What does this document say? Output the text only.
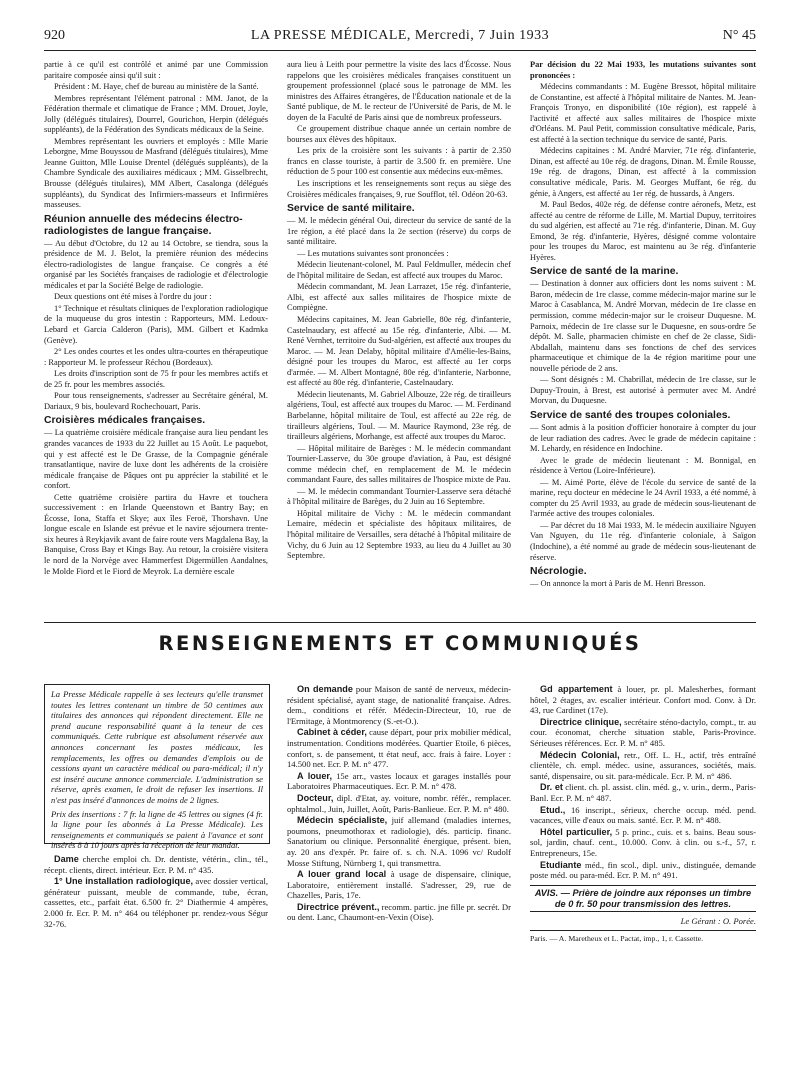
920	LA PRESSE MÉDICALE, Mercredi, 7 Juin 1933	N° 45

partie à ce qu'il est contrôlé et animé par une Commission paritaire composée ainsi qu'il suit :

Président : M. Haye, chef de bureau au ministère de la Santé.

Membres représentant l'élément patronal : MM. Janot, de la Fédération thermale et climatique de France ; MM. Drouet, Joyle, Jolly (délégués titulaires), Dourrel, Gourichon, Herpin (délégués suppléants), de la Fédération des Syndicats médicaux de la Seine.

Membres représentant les ouvriers et employés : Mlle Marie Leborgne, Mme Bouyssou de Masfrand (délégués titulaires), Mme Jeanne Guitton, Mlle Louise Drentel (délégués suppléants), de la Chambre Syndicale des auxiliaires médicaux ; MM. Gisselbrecht, Brousse (délégués titulaires), MM Albert, Casalonga (délégués suppléants), du Syndicat des Infirmiers-masseurs et Infirmières masseuses.

Réunion annuelle des médecins électro-radiologistes de langue française.

— Au début d'Octobre, du 12 au 14 Octobre, se tiendra, sous la présidence de M. J. Belot, la première réunion des médecins électro-radiologistes de langue française. Ce congrès a été organisé par les Sociétés françaises de radiologie et d'électrologie médicales et par la Société Belge de radiologie.

Deux questions ont été mises à l'ordre du jour :

1° Technique et résultats cliniques de l'exploration radiologique de la muqueuse du gros intestin : Rapporteurs, MM. Ledoux-Lebard et Garcia Calderon (Paris), MM. Gilbert et Kadrnka (Genève).

2° Les ondes courtes et les ondes ultra-courtes en thérapeutique : Rapporteur M. le professeur Réchou (Bordeaux).

Les droits d'inscription sont de 75 fr pour les membres actifs et de 25 fr. pour les membres associés.

Pour tous renseignements, s'adresser au Secrétaire général, M. Dariaux, 9 bis, boulevard Rochechouart, Paris.

Croisières médicales françaises.

— La quatrième croisière médicale française aura lieu pendant les grandes vacances de 1933 du 22 Juillet au 15 Août. Le paquebot, qui y est affecté est le De Grasse, de la Compagnie générale transatlantique, navire de luxe dont les adhérents de la croisière médicale française de Pâques ont pu apprécier la stabilité et le confort.

Cette quatrième croisière partira du Havre et touchera successivement : en Irlande Queenstown et Bantry Bay; en Écosse, Iona, Staffa et Skye; aux îles Feroë, Thorshavn. Une longue escale en Islande est prévue et le navire séjournera trente-six heures à Reykjavik avant de faire route vers Magdalena Bay, la Banquise, Cross Bay et Kings Bay. Au retour, la croisière visitera le nord de la Norvège avec Hammerfest Digermüllen Aandalnes, le Molde Fiord et le Fiord de Meyrok. La dernière escale

aura lieu à Leith pour permettre la visite des lacs d'Écosse. Nous rappelons que les croisières médicales françaises constituent un groupement professionnel (placé sous le patronage de MM. les ministres des Affaires étrangères, de l'Éducation nationale et de la Santé publique, de M. le recteur de l'Université de Paris, de M. le doyen de la Faculté de Paris ainsi que de nombreux professeurs.

Ce groupement distribue chaque année un certain nombre de bourses aux élèves des hôpitaux.

Les prix de la croisière sont les suivants : à partir de 2.350 francs en classe touriste, à partir de 3.500 fr. en première. Une réduction de 5 pour 100 est consentie aux médecins eux-mêmes.

Les inscriptions et les renseignements sont reçus au siège des Croisières médicales françaises, 9, rue Soufflot, tél. Odéon 20-63.

Service de santé militaire.

— M. le médecin général Oui, directeur du service de santé de la 1re région, a été placé dans la 2e section (réserve) du corps de santé militaire.

— Les mutations suivantes sont prononcées :

Médecin lieutenant-colonel, M. Paul Feldmuller, médecin chef de l'hôpital militaire de Sedan, est affecté aux troupes du Maroc.

Médecin commandant, M. Jean Larrazet, 15e rég. d'infanterie, Albi, est affecté aux salles militaires de l'hospice mixte de Compiègne.

Médecins capitaines, M. Jean Gabrielle, 80e rég. d'infanterie, Castelnaudary, est affecté au 15e rég. d'infanterie, Albi. — M. René Vernhet, territoire du Sud-algérien, est affecté aux troupes du Maroc. — M. Jean Delaby, hôpital militaire d'Amélie-les-Bains, désigné pour les troupes du Maroc, est affecté au 1er corps d'armée. — M. Albert Montagné, 80e rég. d'infanterie, Narbonne, est affecté au 80e rég. d'infanterie, Castelnaudary.

Médecin lieutenants, M. Gabriel Albouze, 22e rég. de tirailleurs algériens, Toul, est affecté aux troupes du Maroc. — M. Ferdinand Barbelanne, hôpital militaire de Toul, est affecté au 22e rég. de tirailleurs algériens, Toul. — M. Maurice Raymond, 23e rég. de tirailleurs algériens, Morhange, est affecté aux troupes du Maroc.

— Hôpital militaire de Barèges : M. le médecin commandant Tournier-Lasserve, du 30e groupe d'aviation, à Pau, est désigné comme médecin chef, en remplacement de M. le médecin commandant Faure, des salles militaires de l'hospice mixte de Pau.

— M. le médecin commandant Tournier-Lasserve sera détaché à l'hôpital militaire de Barèges, du 2 Juin au 16 Septembre.

Hôpital militaire de Vichy : M. le médecin commandant Lemaire, médecin et spécialiste des hôpitaux militaires, de l'hôpital militaire de Versailles, sera détaché à l'hôpital militaire de Vichy, du 6 Juin au 12 Septembre 1933, au lieu du 4 Juillet au 30 Septembre.

Par décision du 22 Mai 1933, les mutations suivantes sont prononcées :

Médecins commandants : M. Eugène Bressot, hôpital militaire de Constantine, est affecté à l'hôpital militaire de Nantes. M. Jean-François Tronyo, en disponibilité (10e région), est rappelé à l'activité et affecté aux salles militaires de l'hospice mixte d'Orléans. M. Paul Petit, commission consultative médicale, Paris, est affecté à la section technique du service de santé, Paris.

Médecins capitaines : M. André Marvier, 71e rég. d'infanterie, Dinan, est affecté au 10e rég. de dragons, Dinan. M. Émile Rousse, 19e rég. de dragons, Dinan, est affecté à la commission consultative médicale, Paris. M. Georges Muffant, 6e rég. du génie, à Angers, est affecté au 1er rég. de hussards, à Angers.

M. Paul Bedos, 402e rég. de défense contre aéronefs, Metz, est affecté au centre de réforme de Lille, M. Martial Dupuy, territoires du sud algérien, est affecté au 71e rég. d'infanterie, Dinan. M. Guy Emond, 3e rég. d'infanterie, Hyères, désigné comme volontaire pour les troupes du Maroc, est maintenu au 3e rég. d'infanterie Hyères.

Service de santé de la marine.

— Destination à donner aux officiers dont les noms suivent : M. Baron, médecin de 1re classe, comme médecin-major marine sur le Maroc à Casablanca, M. André Morvan, médecin de 1re classe en permission, comme médecin-major sur le croiseur Duquesne. M. Parnoix, médecin de 1re classe sur le Duquesne, en sous-ordre 5e dépôt. M. Salle, pharmacien chimiste en chef de 2e classe, Sidi-Abdallah, maintenu dans ses fonctions de chef des services pharmaceutique et chimique de la 4e région maritime pour une nouvelle période de 2 ans.

— Sont désignés : M. Chabrillat, médecin de 1re classe, sur le Dupuy-Trouin, à Brest, est autorisé à permuter avec M. André Morvan, du Duquesne.

Service de santé des troupes coloniales.

— Sont admis à la position d'officier honoraire à compter du jour de leur radiation des cadres. Avec le grade de médecin capitaine : M. Lehardy, en résidence en Indochine.

Avec le grade de médecin lieutenant : M. Bonnigal, en résidence à Vertou (Loire-Inférieure).

— M. Aimé Porte, élève de l'école du service de santé de la marine, reçu docteur en médecine le 24 Avril 1933, a été nommé, à compter du 25 Avril 1933, au grade de médecin sous-lieutenant de l'armée active des troupes coloniales.

— Par décret du 18 Mai 1933, M. le médecin auxiliaire Nguyen Van Nguyen, du 11e rég. d'infanterie coloniale, à Saïgon (Indochine), a été nommé au grade de médecin sous-lieutenant de réserve.

Nécrologie.

— On annonce la mort à Paris de M. Henri Bresson.

RENSEIGNEMENTS ET COMMUNIQUÉS
La Presse Médicale rappelle à ses lecteurs qu'elle transmet toutes les lettres contenant un timbre de 50 centimes aux titulaires des annonces qui répondent directement. Elle ne prend aucune responsabilité quant à la teneur de ces communiqués. Cette rubrique est absolument réservée aux annonces concernant les postes médicaux, les remplacements, les offres ou demandes d'emplois ou de cessions ayant un caractère médical ou para-médical; il n'y est inséré aucune annonce commerciale. L'administration se réserve, après examen, le droit de refuser les insertions. Il n'est pas inséré d'annonces de moins de 2 lignes.
Prix des insertions : 7 fr. la ligne de 45 lettres ou signes (4 fr. la ligne pour les abonnés à La Presse Médicale). Les renseignements et communiqués se paient à l'avance et sont insérés 8 à 10 jours après la réception de leur mandat.

Dame cherche emploi ch. Dr. dentiste, vétérin., clin., tél., récept. clients, direct. intérieur. Ecr. P. M. n° 435.

1° Une installation radiologique, avec dossier vertical, générateur puissant, meuble de commande, tube, écran, cassettes, etc., parfait état. 6.500 fr. 2° Diathermie 4 ampères, 2.000 fr. Ecr. P. M. n° 464 ou téléphoner pr. rendez-vous Ségur 32-76.

On demande pour Maison de santé de nerveux, médecin-résident spécialisé, ayant stage, de nationalité française. Adres. dem., conditions et référ. Médecin-Directeur, 10, rue de l'Ermitage, à Montmorency (S.-et-O.).

Cabinet à céder, cause départ, pour prix mobilier médical, instrumentation. Conditions modérées. Quartier Etoile, 6 pièces, confort, s. de pansement, tt état neuf, acc. frais à faire. Loyer : 14.500 net. Ecr. P. M. n° 477.

A louer, 15e arr., vastes locaux et garages installés pour Laboratoires Pharmaceutiques. Ecr. P. M. n° 478.

Docteur, dipl. d'Etat, ay. voiture, nombr. référ., remplacer. ophtalmol., Juin, Juillet, Août, Paris-Banlieue. Ecr. P. M. n° 480.

Médecin spécialiste, juif allemand (maladies internes, poumons, pneumothorax et radiologie), dés. particip. financ. Sanatorium ou clinique. Personnalité énergique, présent. bien, ay. 20 ans d'expér. Pr. faire of. s. ch. N.A. 1096 vc/ Rudolf Mosse Stiftung, Nürnberg 1, qui transmettra.

A louer grand local à usage de dispensaire, clinique, Laboratoire, entièrement installé. S'adresser, 29, rue de Chazelles, Paris, 17e.

Directrice prévent., recomm. partic. jne fille pr. secrét. Dr ou dent. Lanc, Chaumont-en-Vexin (Oise).

Gd appartement à louer, pr. pl. Malesherbes, formant hôtel, 2 étages, av. escalier intérieur. Confort mod. Conv. à Dr. 43, rue Cardinet (17e).

Directrice clinique, secrétaire sténo-dactylo, compt., tr. au cour. économat, cherche situation stable, Paris-Province. Sérieuses références. Ecr. P. M. n° 485.

Médecin Colonial, retr., Off. L. H., actif, très entraîné clientèle, ch. empl. médec. usine, assurances, sociétés, mais. santé, dispensaire, ou sit. para-médicale. Ecr. P. M. n° 486.

Dr. et client. ch. pl. assist. clin. méd. g., v. urin., derm., Paris-Banl. Ecr. P. M. n° 487.

Etud., 16 inscript., sérieux, cherche occup. méd. pend. vacances, ville d'eaux ou mais. santé. Ecr. P. M. n° 488.

Hôtel particulier, 5 p. princ., cuis. et s. bains. Beau sous-sol, jardin, chauf. cent., 10.000. Conv. à clin. ou s.-f., 57, r. Entrepreneurs, 15e.

Etudiante méd., fin scol., dipl. univ., distinguée, demande poste méd. ou para-méd. Ecr. P. M. n° 491.

AVIS. — Prière de joindre aux réponses un timbre de 0 fr. 50 pour transmission des lettres.
Le Gérant : O. Porée.
Paris. — A. Maretheux et L. Pactat, imp., 1, r. Cassette.
